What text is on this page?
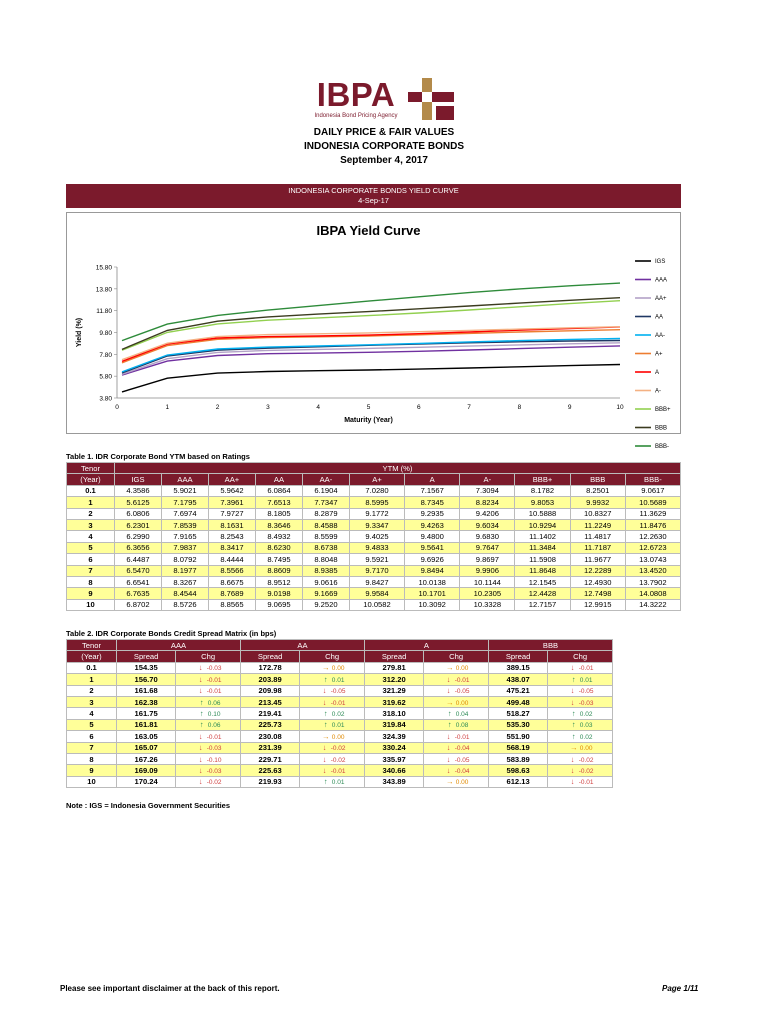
IBPA
Indonesia Bond Pricing Agency
DAILY PRICE & FAIR VALUES
INDONESIA CORPORATE BONDS
September 4, 2017
INDONESIA CORPORATE BONDS YIELD CURVE
4-Sep-17
IBPA Yield Curve
3.80
5.80
7.80
9.80
11.80
13.80
15.80
0	1	2	3	4	5	6	7	8	9	10
Maturity (Year)
Yield (%)
IGS
AAA
AA+
AA
AA-
A+
A
A-
BBB+
BBB
BBB-
Table 1. IDR Corporate Bond YTM based on Ratings
Tenor	YTM (%)										
(Year)	IGS	AAA	AA+	AA	AA-	A+	A	A-	BBB+	BBB	BBB-
0.1	4.3586	5.9021	5.9642	6.0864	6.1904	7.0280	7.1567	7.3094	8.1782	8.2501	9.0617
1	5.6125	7.1795	7.3961	7.6513	7.7347	8.5995	8.7345	8.8234	9.8053	9.9932	10.5689
2	6.0806	7.6974	7.9727	8.1805	8.2879	9.1772	9.2935	9.4206	10.5888	10.8327	11.3629
3	6.2301	7.8539	8.1631	8.3646	8.4588	9.3347	9.4263	9.6034	10.9294	11.2249	11.8476
4	6.2990	7.9165	8.2543	8.4932	8.5599	9.4025	9.4800	9.6830	11.1402	11.4817	12.2630
5	6.3656	7.9837	8.3417	8.6230	8.6738	9.4833	9.5641	9.7647	11.3484	11.7187	12.6723
6	6.4487	8.0792	8.4444	8.7495	8.8048	9.5921	9.6926	9.8697	11.5908	11.9677	13.0743
7	6.5470	8.1977	8.5566	8.8609	8.9385	9.7170	9.8494	9.9906	11.8648	12.2289	13.4520
8	6.6541	8.3267	8.6675	8.9512	9.0616	9.8427	10.0138	10.1144	12.1545	12.4930	13.7902
9	6.7635	8.4544	8.7689	9.0198	9.1669	9.9584	10.1701	10.2305	12.4428	12.7498	14.0808
10	6.8702	8.5726	8.8565	9.0695	9.2520	10.0582	10.3092	10.3328	12.7157	12.9915	14.3222
Table 2. IDR Corporate Bonds Credit Spread Matrix (in bps)
Tenor	AAA		AA		A		BBB	
(Year)	Spread	Chg	Spread	Chg	Spread	Chg	Spread	Chg
0.1	154.35	↓ -0.03	172.78	→ 0.00	279.81	→ 0.00	389.15	↓ -0.01
1	156.70	↓ -0.01	203.89	↑ 0.01	312.20	↓ -0.01	438.07	↑ 0.01
2	161.68	↓ -0.01	209.98	↓ -0.05	321.29	↓ -0.05	475.21	↓ -0.05
3	162.38	↑ 0.06	213.45	↓ -0.01	319.62	→ 0.00	499.48	↓ -0.03
4	161.75	↑ 0.10	219.41	↑ 0.02	318.10	↑ 0.04	518.27	↑ 0.02
5	161.81	↑ 0.06	225.73	↑ 0.01	319.84	↑ 0.08	535.30	↑ 0.03
6	163.05	↓ -0.01	230.08	→ 0.00	324.39	↓ -0.01	551.90	↑ 0.02
7	165.07	↓ -0.03	231.39	↓ -0.02	330.24	↓ -0.04	568.19	→ 0.00
8	167.26	↓ -0.10	229.71	↓ -0.02	335.97	↓ -0.05	583.89	↓ -0.02
9	169.09	↓ -0.03	225.63	↓ -0.01	340.66	↓ -0.04	598.63	↓ -0.02
10	170.24	↓ -0.02	219.93	↑ 0.01	343.89	→ 0.00	612.13	↓ -0.01
Note : IGS = Indonesia Government Securities
Please see important disclaimer at the back of this report.	Page 1/11
